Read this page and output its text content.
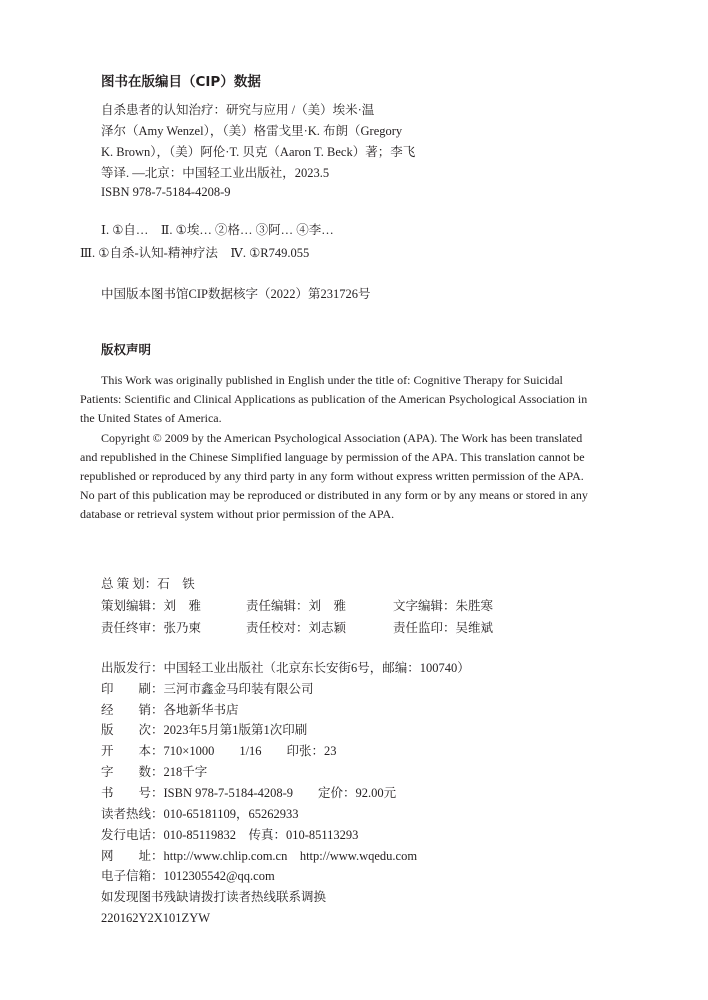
图书在版编目（CIP）数据
自杀患者的认知治疗：研究与应用 /（美）埃米·温
泽尔（Amy Wenzel），（美）格雷戈里·K. 布朗（Gregory
K. Brown），（美）阿伦·T. 贝克（Aaron T. Beck）著；李飞
等译. —北京：中国轻工业出版社，2023.5
ISBN 978-7-5184-4208-9
Ⅰ. ①自…　Ⅱ. ①埃… ②格… ③阿… ④李…
Ⅲ. ①自杀-认知-精神疗法　Ⅳ. ①R749.055
中国版本图书馆CIP数据核字（2022）第231726号
版权声明
This Work was originally published in English under the title of: Cognitive Therapy for Suicidal
Patients: Scientific and Clinical Applications as publication of the American Psychological Association in
the United States of America.
Copyright © 2009 by the American Psychological Association (APA). The Work has been translated
and republished in the Chinese Simplified language by permission of the APA. This translation cannot be
republished or reproduced by any third party in any form without express written permission of the APA.
No part of this publication may be reproduced or distributed in any form or by any means or stored in any
database or retrieval system without prior permission of the APA.
总 策 划：石　铁
策划编辑：刘　雅	责任编辑：刘　雅	文字编辑：朱胜寒
责任终审：张乃柬	责任校对：刘志颖	责任监印：吴维斌
出版发行：中国轻工业出版社（北京东长安街6号，邮编：100740）
印　　刷：三河市鑫金马印装有限公司
经　　销：各地新华书店
版　　次：2023年5月第1版第1次印刷
开　　本：710×1000　　1/16　　印张：23
字　　数：218千字
书　　号：ISBN 978-7-5184-4208-9　　定价：92.00元
读者热线：010-65181109，65262933
发行电话：010-85119832　传真：010-85113293
网　　址：http://www.chlip.com.cn　http://www.wqedu.com
电子信箱：1012305542@qq.com
如发现图书残缺请拨打读者热线联系调换
220162Y2X101ZYW
